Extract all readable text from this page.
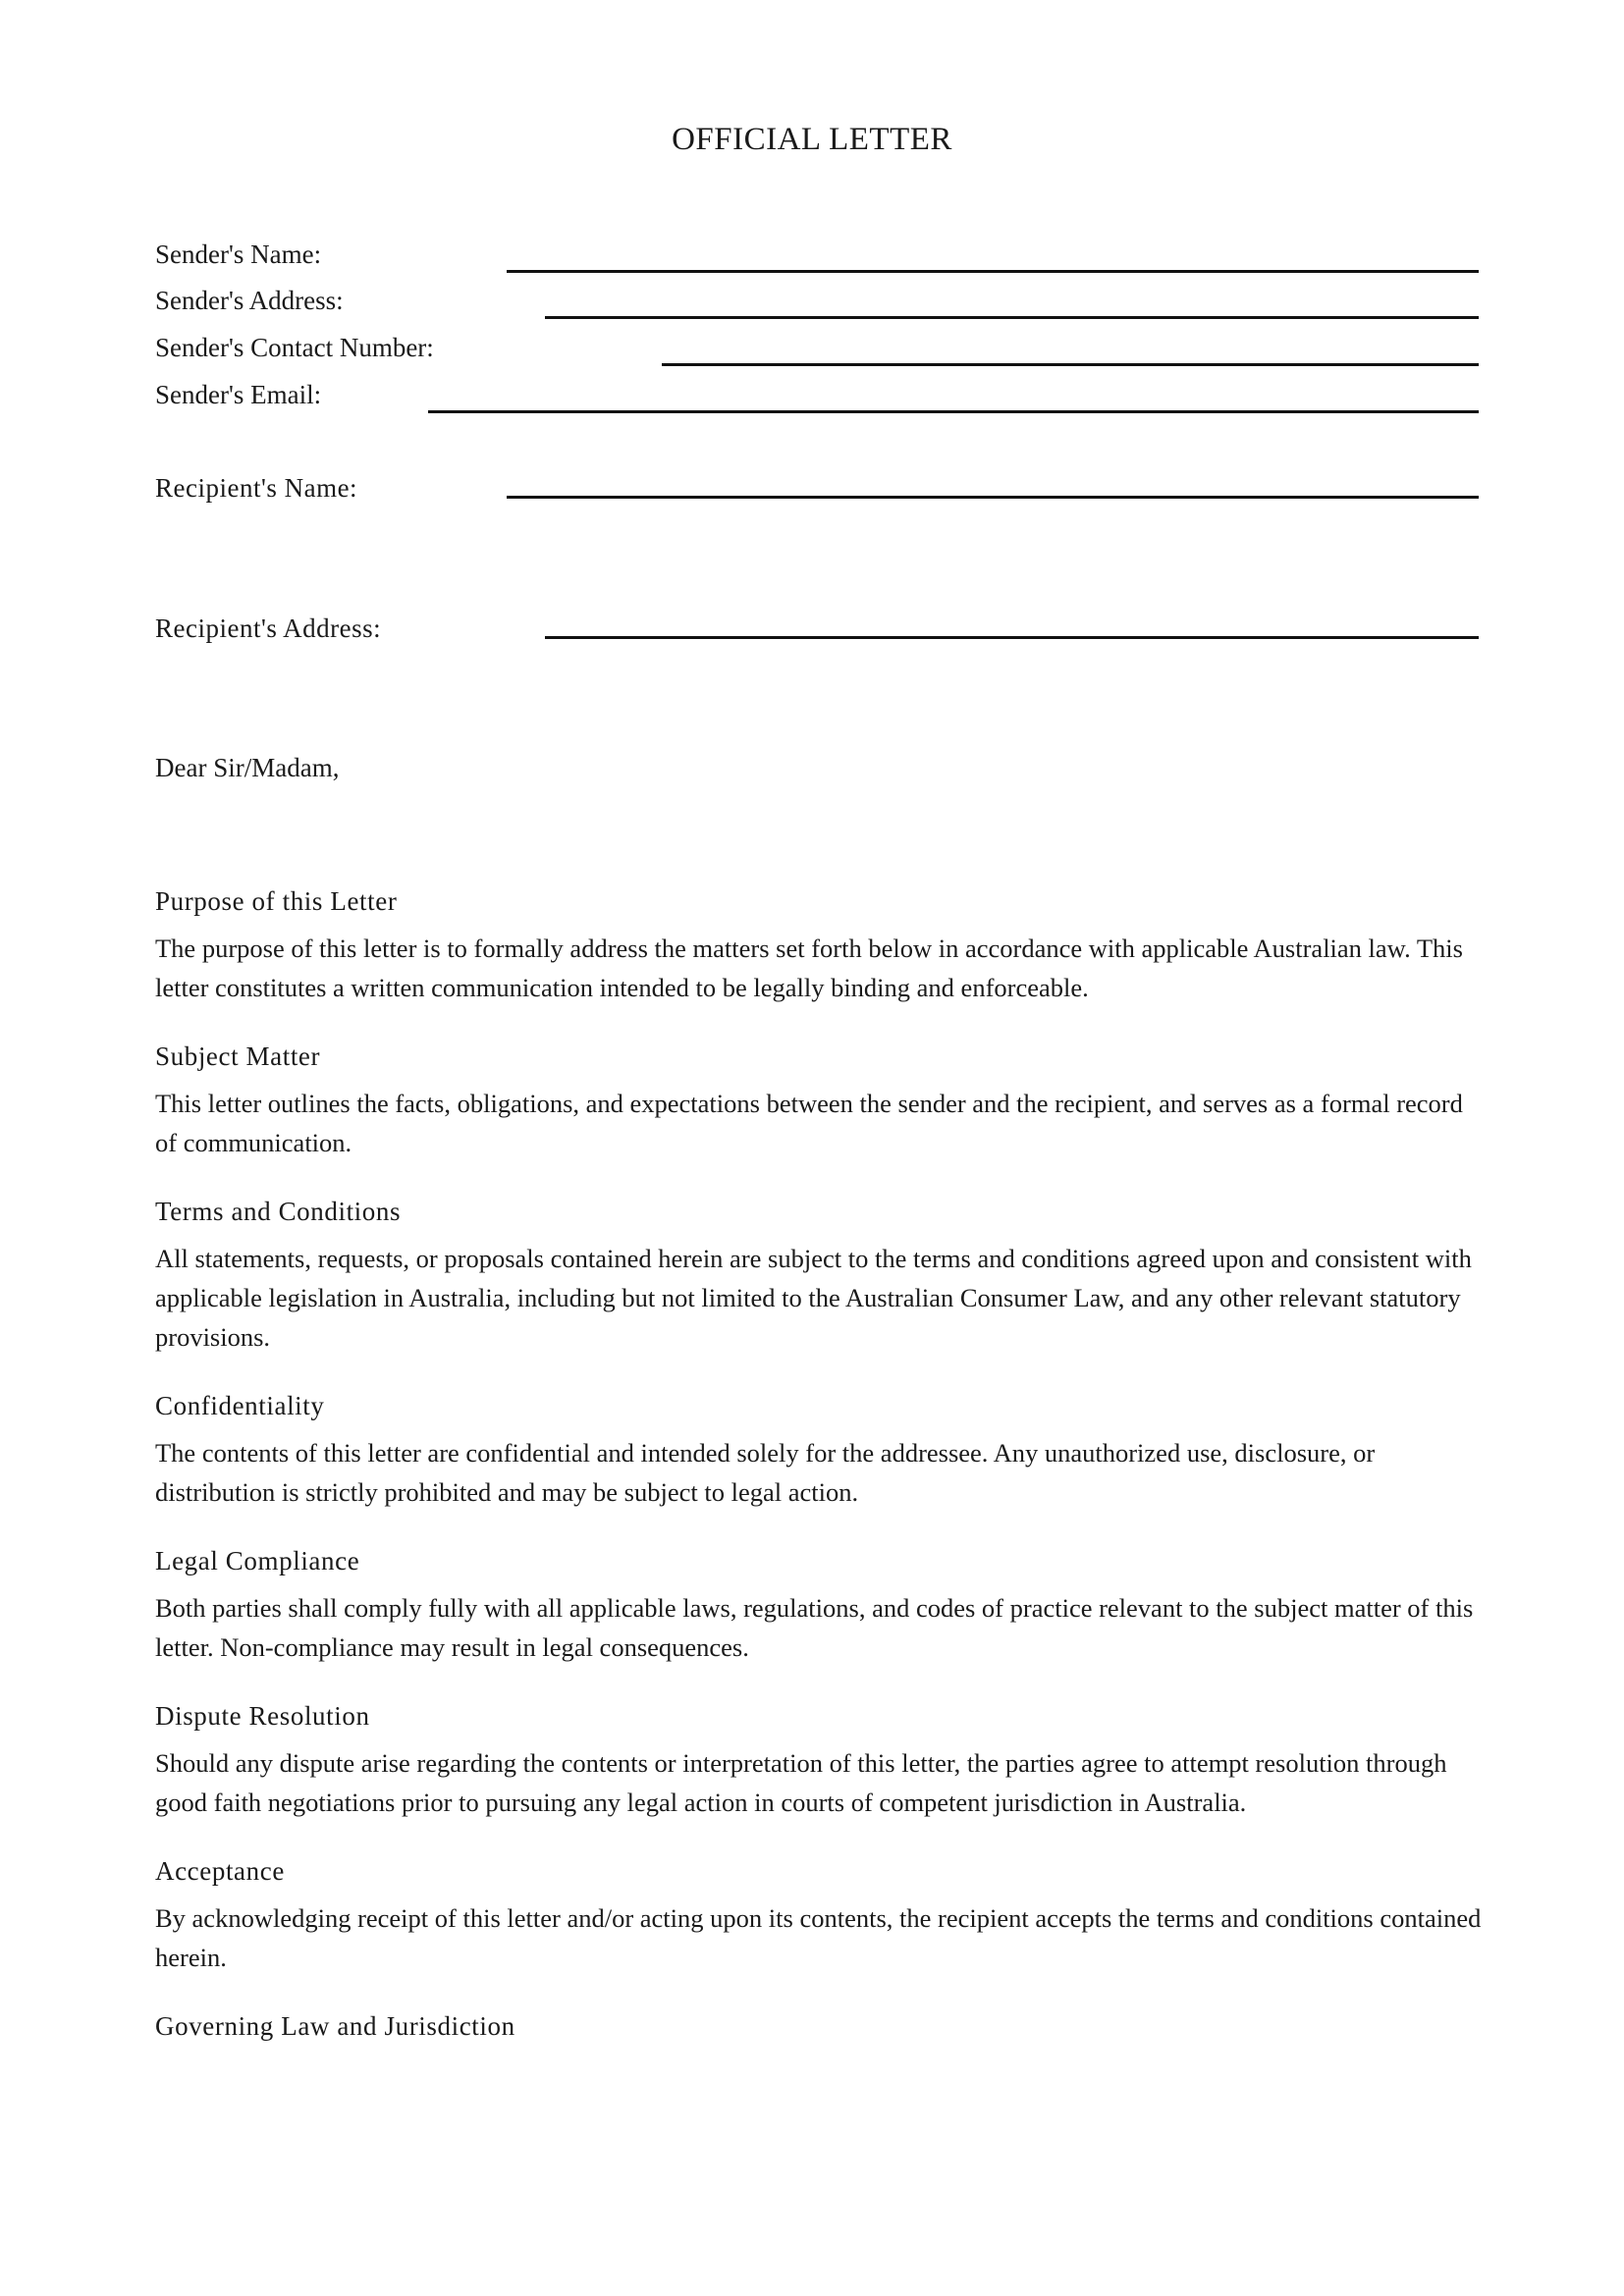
OFFICIAL LETTER
Sender's Name:
Sender's Address:
Sender's Contact Number:
Sender's Email:
Recipient's Name:
Recipient's Address:
Dear Sir/Madam,
Purpose of this Letter
The purpose of this letter is to formally address the matters set forth below in accordance with applicable Australian law. This letter constitutes a written communication intended to be legally binding and enforceable.
Subject Matter
This letter outlines the facts, obligations, and expectations between the sender and the recipient, and serves as a formal record of communication.
Terms and Conditions
All statements, requests, or proposals contained herein are subject to the terms and conditions agreed upon and consistent with applicable legislation in Australia, including but not limited to the Australian Consumer Law, and any other relevant statutory provisions.
Confidentiality
The contents of this letter are confidential and intended solely for the addressee. Any unauthorized use, disclosure, or distribution is strictly prohibited and may be subject to legal action.
Legal Compliance
Both parties shall comply fully with all applicable laws, regulations, and codes of practice relevant to the subject matter of this letter. Non-compliance may result in legal consequences.
Dispute Resolution
Should any dispute arise regarding the contents or interpretation of this letter, the parties agree to attempt resolution through good faith negotiations prior to pursuing any legal action in courts of competent jurisdiction in Australia.
Acceptance
By acknowledging receipt of this letter and/or acting upon its contents, the recipient accepts the terms and conditions contained herein.
Governing Law and Jurisdiction
